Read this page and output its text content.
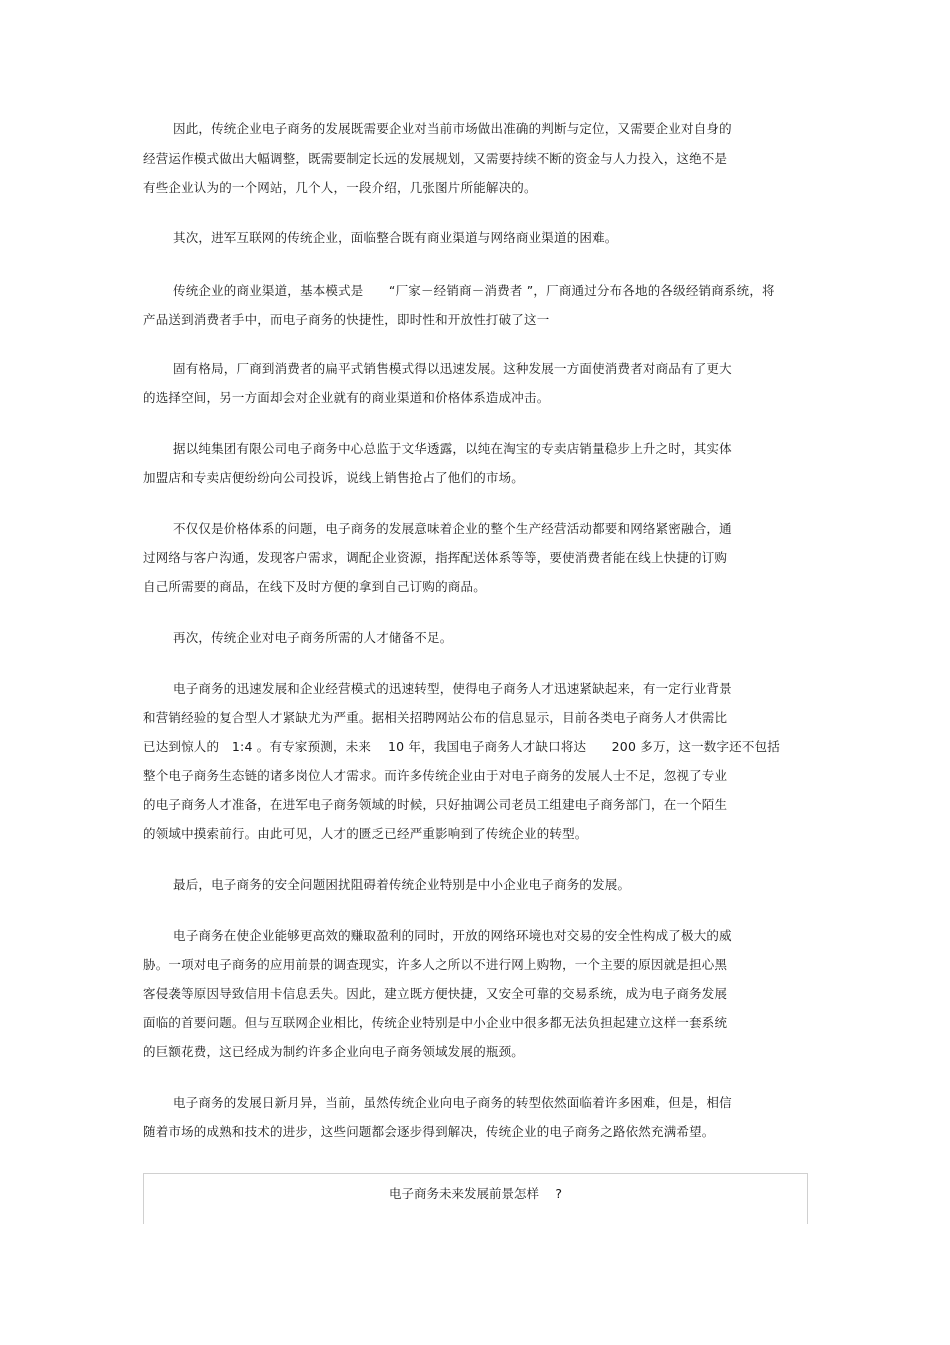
因此，传统企业电子商务的发展既需要企业对当前市场做出准确的判断与定位，又需要企业对自身的
经营运作模式做出大幅调整，既需要制定长远的发展规划，又需要持续不断的资金与人力投入，这绝不是
有些企业认为的一个网站，几个人，一段介绍，几张图片所能解决的。
其次，进军互联网的传统企业，面临整合既有商业渠道与网络商业渠道的困难。
传统企业的商业渠道，基本模式是　　“厂家－经销商－消费者 ”，厂商通过分布各地的各级经销商系统，将
产品送到消费者手中，而电子商务的快捷性，即时性和开放性打破了这一
固有格局，厂商到消费者的扁平式销售模式得以迅速发展。这种发展一方面使消费者对商品有了更大
的选择空间，另一方面却会对企业就有的商业渠道和价格体系造成冲击。
据以纯集团有限公司电子商务中心总监于文华透露，以纯在淘宝的专卖店销量稳步上升之时，其实体
加盟店和专卖店便纷纷向公司投诉，说线上销售抢占了他们的市场。
不仅仅是价格体系的问题，电子商务的发展意味着企业的整个生产经营活动都要和网络紧密融合，通
过网络与客户沟通，发现客户需求，调配企业资源，指挥配送体系等等，要使消费者能在线上快捷的订购
自己所需要的商品，在线下及时方便的拿到自己订购的商品。
再次，传统企业对电子商务所需的人才储备不足。
电子商务的迅速发展和企业经营模式的迅速转型，使得电子商务人才迅速紧缺起来，有一定行业背景
和营销经验的复合型人才紧缺尤为严重。据相关招聘网站公布的信息显示，目前各类电子商务人才供需比
已达到惊人的　1:4 。有专家预测，未来　 10 年，我国电子商务人才缺口将达　　200 多万，这一数字还不包括
整个电子商务生态链的诸多岗位人才需求。而许多传统企业由于对电子商务的发展人士不足，忽视了专业
的电子商务人才准备，在进军电子商务领域的时候，只好抽调公司老员工组建电子商务部门，在一个陌生
的领域中摸索前行。由此可见，人才的匮乏已经严重影响到了传统企业的转型。
最后，电子商务的安全问题困扰阻碍着传统企业特别是中小企业电子商务的发展。
电子商务在使企业能够更高效的赚取盈利的同时，开放的网络环境也对交易的安全性构成了极大的威
胁。一项对电子商务的应用前景的调查现实，许多人之所以不进行网上购物，一个主要的原因就是担心黑
客侵袭等原因导致信用卡信息丢失。因此，建立既方便快捷，又安全可靠的交易系统，成为电子商务发展
面临的首要问题。但与互联网企业相比，传统企业特别是中小企业中很多都无法负担起建立这样一套系统
的巨额花费，这已经成为制约许多企业向电子商务领域发展的瓶颈。
电子商务的发展日新月异，当前，虽然传统企业向电子商务的转型依然面临着许多困难，但是，相信
随着市场的成熟和技术的进步，这些问题都会逐步得到解决，传统企业的电子商务之路依然充满希望。
电子商务未来发展前景怎样　 ?
